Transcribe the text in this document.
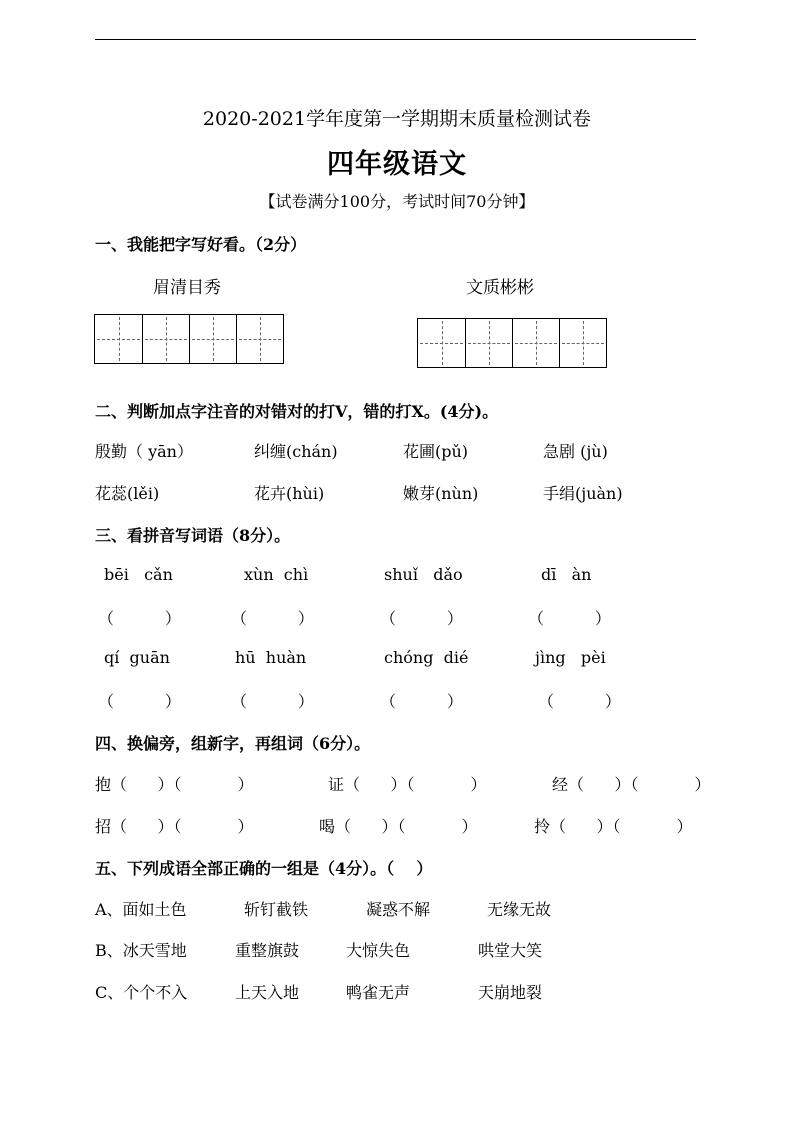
2020-2021学年度第一学期期末质量检测试卷
四年级语文
【试卷满分100分，考试时间70分钟】
一、我能把字写好看。（2分）
眉清目秀	文质彬彬
二、判断加点字注音的对错对的打V，错的打X。(4分)。
殷勤（ yān）	纠缠(chán)	花圃(pǔ)	急剧 (jù)
花蕊(lěi)	花卉(hùi)	嫩芽(nùn)	手绢(juàn)
三、看拼音写词语（8分）。
bēi   cǎn	xùn  chì	shuǐ   dǎo	dī   àn
（          ）	（          ）	（          ）	（          ）
qí  guān	hū  huàn	chóng  dié	jìng   pèi
（          ）	（          ）	（          ）	（          ）
四、换偏旁，组新字，再组词（6分）。
抱（      ）（           ）	证（      ）（           ）	经（      ）（           ）
招（      ）（           ）	喝（      ）（           ）	拎（      ）（           ）
五、下列成语全部正确的一组是（4分）。（    ）
A、面如土色	斩钉截铁	凝惑不解	无缘无故
B、冰天雪地	重整旗鼓	大惊失色	哄堂大笑
C、个个不入	上天入地	鸭雀无声	天崩地裂
